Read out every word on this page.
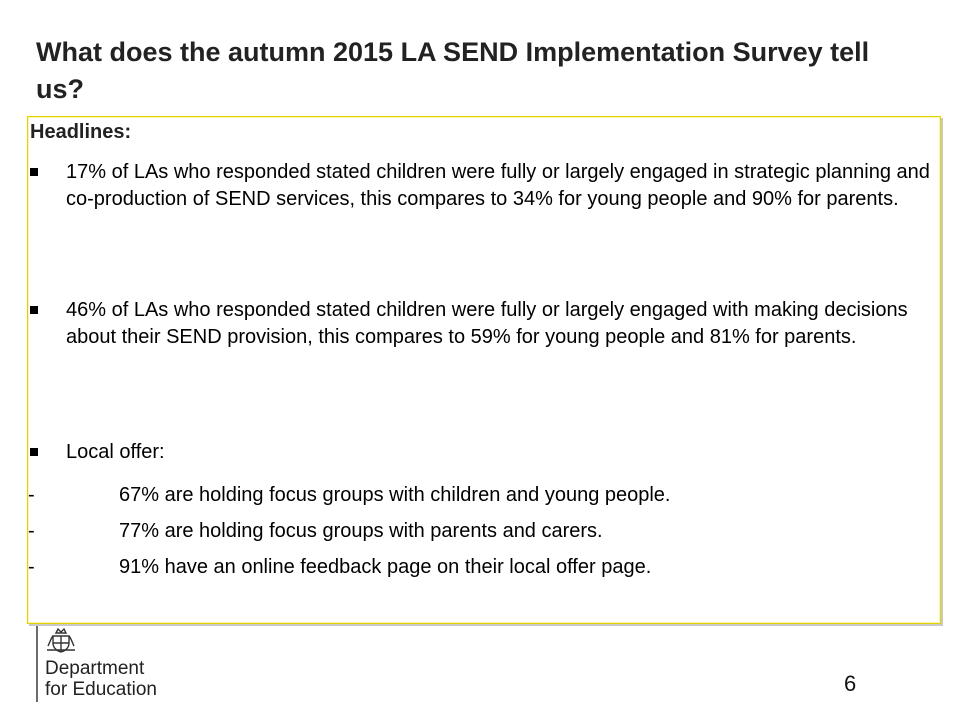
What does the autumn 2015 LA SEND Implementation Survey tell us?

Headlines:

17% of LAs who responded stated children were fully or largely engaged in strategic planning and co-production of SEND services, this compares to 34% for young people and 90% for parents.
46% of LAs who responded stated children were fully or largely engaged with making decisions about their SEND provision, this compares to 59% for young people and 81% for parents.
Local offer:
-	67% are holding focus groups with children and young people.
-	77% are holding focus groups with parents and carers.
-	91% have an online feedback page on their local offer page.

Department
for Education	6
